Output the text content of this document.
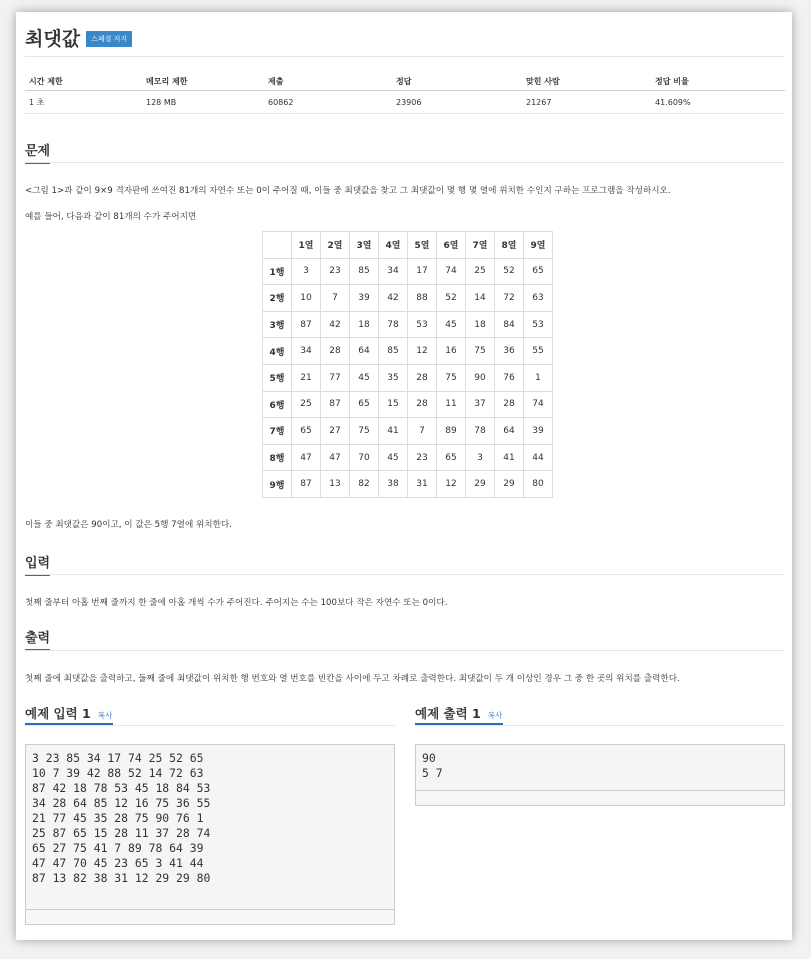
최댓값	스페셜 저지
시간 제한	메모리 제한	제출	정답	맞힌 사람	정답 비율
1 초	128 MB	60862	23906	21267	41.609%
문제
<그림 1>과 같이 9×9 격자판에 쓰여진 81개의 자연수 또는 0이 주어질 때, 이들 중 최댓값을 찾고 그 최댓값이 몇 행 몇 열에 위치한 수인지 구하는 프로그램을 작성하시오.
예를 들어, 다음과 같이 81개의 수가 주어지면
	1열	2열	3열	4열	5열	6열	7열	8열	9열
1행	3	23	85	34	17	74	25	52	65
2행	10	7	39	42	88	52	14	72	63
3행	87	42	18	78	53	45	18	84	53
4행	34	28	64	85	12	16	75	36	55
5행	21	77	45	35	28	75	90	76	1
6행	25	87	65	15	28	11	37	28	74
7행	65	27	75	41	7	89	78	64	39
8행	47	47	70	45	23	65	3	41	44
9행	87	13	82	38	31	12	29	29	80
이들 중 최댓값은 90이고, 이 값은 5행 7열에 위치한다.
입력
첫째 줄부터 아홉 번째 줄까지 한 줄에 아홉 개씩 수가 주어진다. 주어지는 수는 100보다 작은 자연수 또는 0이다.
출력
첫째 줄에 최댓값을 출력하고, 둘째 줄에 최댓값이 위치한 행 번호와 열 번호를 빈칸을 사이에 두고 차례로 출력한다. 최댓값이 두 개 이상인 경우 그 중 한 곳의 위치를 출력한다.
예제 입력 1 복사
3 23 85 34 17 74 25 52 65
10 7 39 42 88 52 14 72 63
87 42 18 78 53 45 18 84 53
34 28 64 85 12 16 75 36 55
21 77 45 35 28 75 90 76 1
25 87 65 15 28 11 37 28 74
65 27 75 41 7 89 78 64 39
47 47 70 45 23 65 3 41 44
87 13 82 38 31 12 29 29 80
예제 출력 1 복사
90
5 7
